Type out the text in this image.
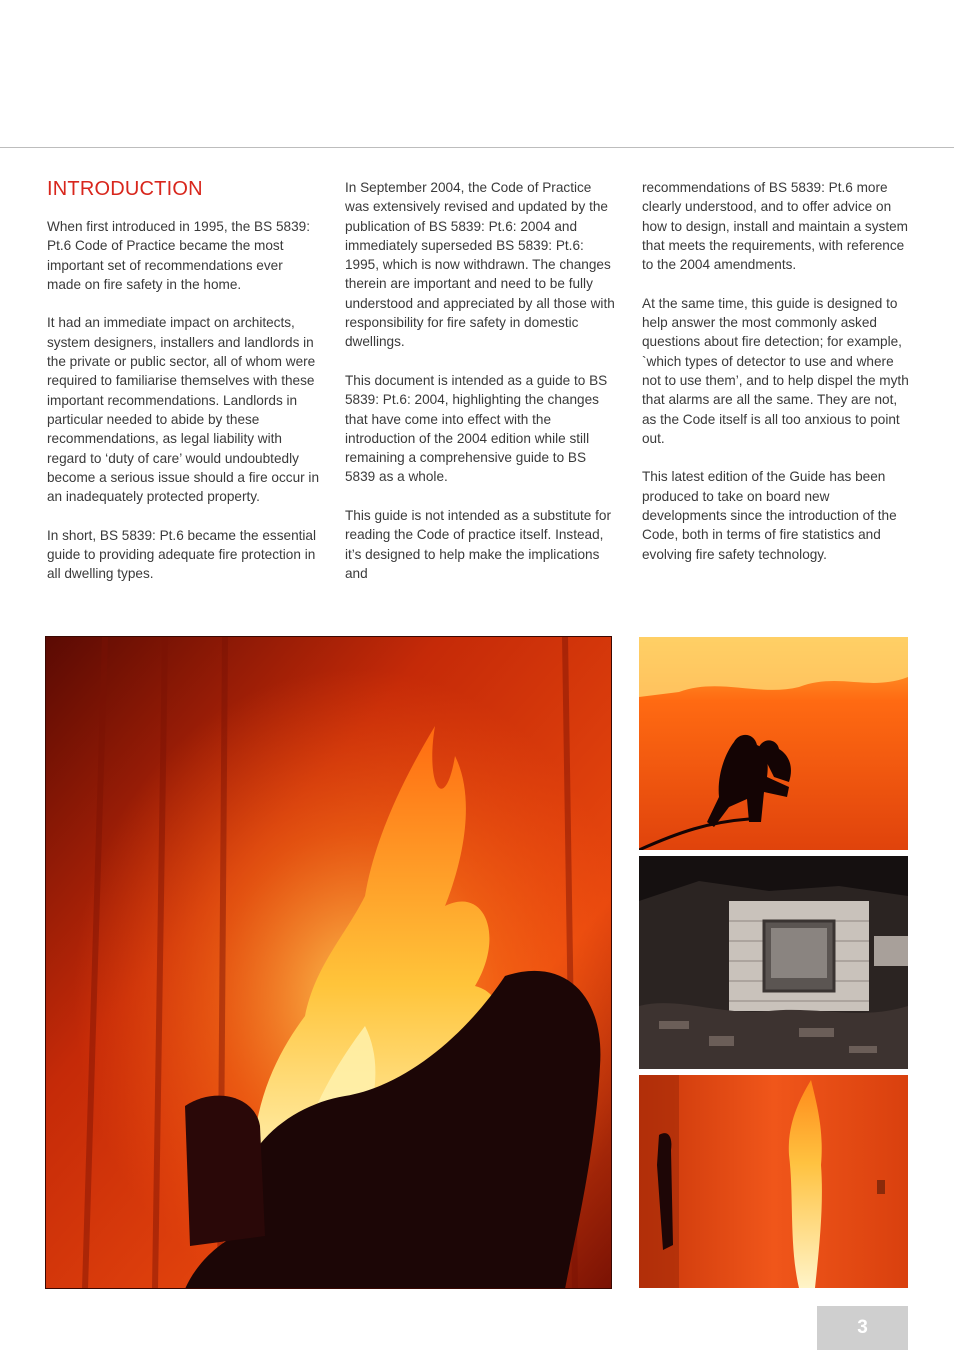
INTRODUCTION

When first introduced in 1995, the BS 5839: Pt.6 Code of Practice became the most important set of recommendations ever made on fire safety in the home.

It had an immediate impact on architects, system designers, installers and landlords in the private or public sector, all of whom were required to familiarise themselves with these important recommendations. Landlords in particular needed to abide by these recommendations, as legal liability with regard to ‘duty of care’ would undoubtedly become a serious issue should a fire occur in an inadequately protected property.

In short, BS 5839: Pt.6 became the essential guide to providing adequate fire protection in all dwelling types.

In September 2004, the Code of Practice was extensively revised and updated by the publication of BS 5839: Pt.6: 2004 and immediately superseded BS 5839: Pt.6: 1995, which is now withdrawn. The changes therein are important and need to be fully understood and appreciated by all those with responsibility for fire safety in domestic dwellings.

This document is intended as a guide to BS 5839: Pt.6: 2004, highlighting the changes that have come into effect with the introduction of the 2004 edition while still remaining a comprehensive guide to BS 5839 as a whole.

This guide is not intended as a substitute for reading the Code of practice itself. Instead, it’s designed to help make the implications and

recommendations of BS 5839: Pt.6 more clearly understood, and to offer advice on how to design, install and maintain a system that meets the requirements, with reference to the 2004 amendments.

At the same time, this guide is designed to help answer the most commonly asked questions about fire detection; for example, `which types of detector to use and where not to use them’, and to help dispel the myth that alarms are all the same. They are not, as the Code itself is all too anxious to point out.

This latest edition of the Guide has been produced to take on board new developments since the introduction of the Code, both in terms of fire statistics and evolving fire safety technology.

3
